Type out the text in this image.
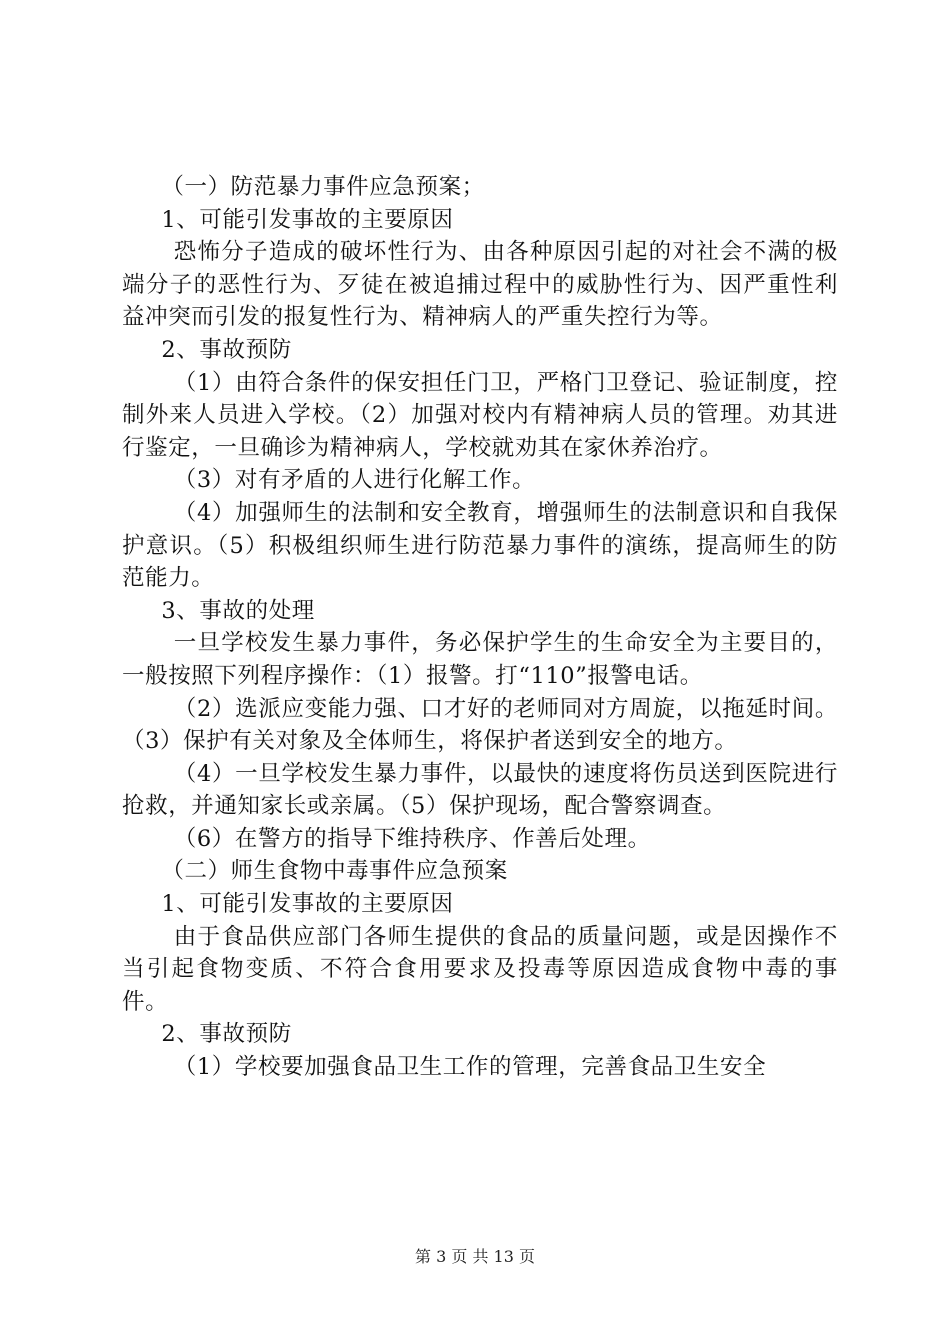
（一）防范暴力事件应急预案；

1、可能引发事故的主要原因

恐怖分子造成的破坏性行为、由各种原因引起的对社会不满的极端分子的恶性行为、歹徒在被追捕过程中的威胁性行为、因严重性利益冲突而引发的报复性行为、精神病人的严重失控行为等。

2、事故预防

（1）由符合条件的保安担任门卫，严格门卫登记、验证制度，控制外来人员进入学校。（2）加强对校内有精神病人员的管理。劝其进行鉴定，一旦确诊为精神病人，学校就劝其在家休养治疗。

（3）对有矛盾的人进行化解工作。

（4）加强师生的法制和安全教育，增强师生的法制意识和自我保护意识。（5）积极组织师生进行防范暴力事件的演练，提高师生的防范能力。

3、事故的处理

一旦学校发生暴力事件，务必保护学生的生命安全为主要目的，一般按照下列程序操作：（1）报警。打“110”报警电话。

（2）选派应变能力强、口才好的老师同对方周旋，以拖延时间。（3）保护有关对象及全体师生，将保护者送到安全的地方。

（4）一旦学校发生暴力事件，以最快的速度将伤员送到医院进行抢救，并通知家长或亲属。（5）保护现场，配合警察调查。

（6）在警方的指导下维持秩序、作善后处理。

（二）师生食物中毒事件应急预案

1、可能引发事故的主要原因

由于食品供应部门各师生提供的食品的质量问题，或是因操作不当引起食物变质、不符合食用要求及投毒等原因造成食物中毒的事件。

2、事故预防

（1）学校要加强食品卫生工作的管理，完善食品卫生安全

第 3 页 共 13 页
